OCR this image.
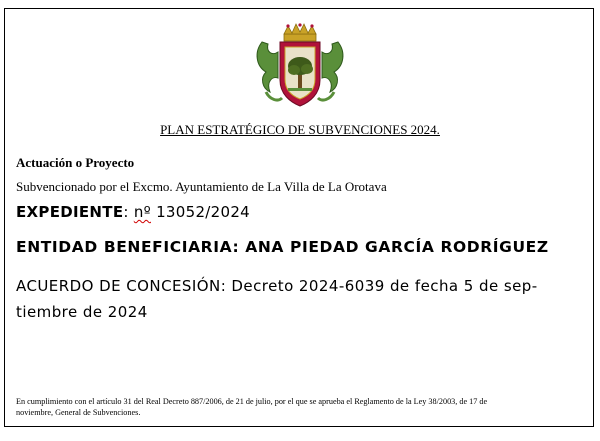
PLAN ESTRATÉGICO DE SUBVENCIONES 2024.
Actuación o Proyecto
Subvencionado por el Excmo. Ayuntamiento de La Villa de La Orotava
EXPEDIENTE: nº 13052/2024
ENTIDAD BENEFICIARIA: ANA PIEDAD GARCÍA RODRÍGUEZ
ACUERDO DE CONCESIÓN: Decreto 2024-6039 de fecha 5 de sep-
tiembre de 2024
En cumplimiento con el artículo 31 del Real Decreto 887/2006, de 21 de julio, por el que se aprueba el Reglamento de la Ley 38/2003, de 17 de
noviembre, General de Subvenciones.
